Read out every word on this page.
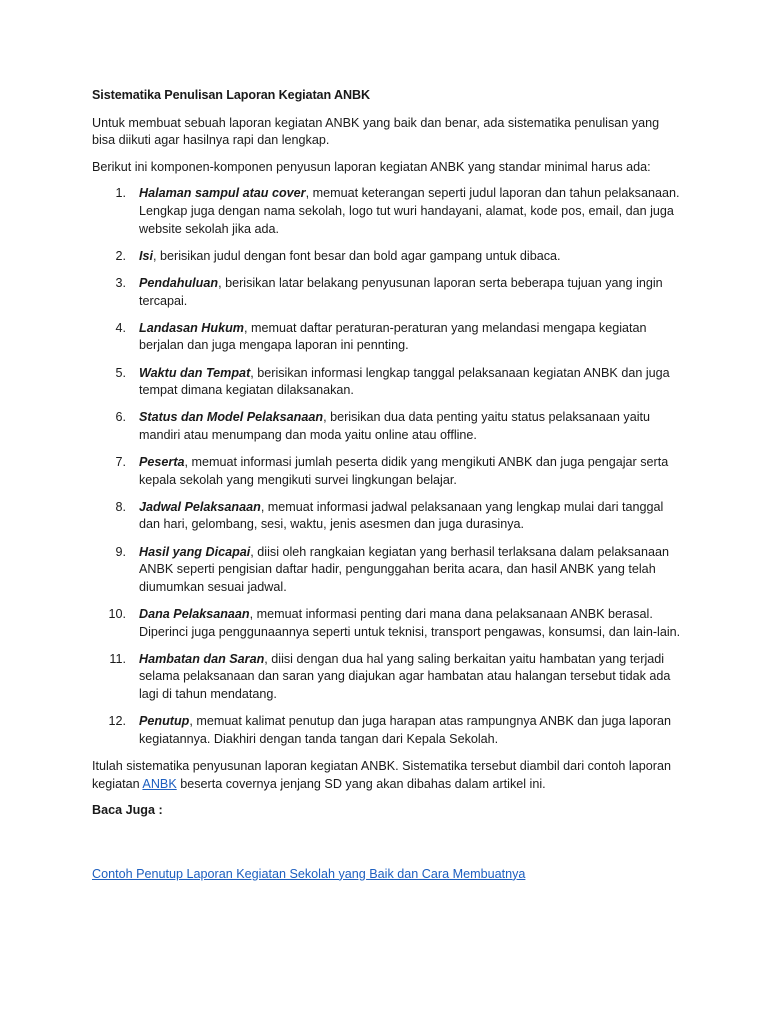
Sistematika Penulisan Laporan Kegiatan ANBK

Untuk membuat sebuah laporan kegiatan ANBK yang baik dan benar, ada sistematika penulisan yang bisa diikuti agar hasilnya rapi dan lengkap.

Berikut ini komponen-komponen penyusun laporan kegiatan ANBK yang standar minimal harus ada:

1. Halaman sampul atau cover, memuat keterangan seperti judul laporan dan tahun pelaksanaan. Lengkap juga dengan nama sekolah, logo tut wuri handayani, alamat, kode pos, email, dan juga website sekolah jika ada.
2. Isi, berisikan judul dengan font besar dan bold agar gampang untuk dibaca.
3. Pendahuluan, berisikan latar belakang penyusunan laporan serta beberapa tujuan yang ingin tercapai.
4. Landasan Hukum, memuat daftar peraturan-peraturan yang melandasi mengapa kegiatan berjalan dan juga mengapa laporan ini pennting.
5. Waktu dan Tempat, berisikan informasi lengkap tanggal pelaksanaan kegiatan ANBK dan juga tempat dimana kegiatan dilaksanakan.
6. Status dan Model Pelaksanaan, berisikan dua data penting yaitu status pelaksanaan yaitu mandiri atau menumpang dan moda yaitu online atau offline.
7. Peserta, memuat informasi jumlah peserta didik yang mengikuti ANBK dan juga pengajar serta kepala sekolah yang mengikuti survei lingkungan belajar.
8. Jadwal Pelaksanaan, memuat informasi jadwal pelaksanaan yang lengkap mulai dari tanggal dan hari, gelombang, sesi, waktu, jenis asesmen dan juga durasinya.
9. Hasil yang Dicapai, diisi oleh rangkaian kegiatan yang berhasil terlaksana dalam pelaksanaan ANBK seperti pengisian daftar hadir, pengunggahan berita acara, dan hasil ANBK yang telah diumumkan sesuai jadwal.
10. Dana Pelaksanaan, memuat informasi penting dari mana dana pelaksanaan ANBK berasal. Diperinci juga penggunaannya seperti untuk teknisi, transport pengawas, konsumsi, dan lain-lain.
11. Hambatan dan Saran, diisi dengan dua hal yang saling berkaitan yaitu hambatan yang terjadi selama pelaksanaan dan saran yang diajukan agar hambatan atau halangan tersebut tidak ada lagi di tahun mendatang.
12. Penutup, memuat kalimat penutup dan juga harapan atas rampungnya ANBK dan juga laporan kegiatannya. Diakhiri dengan tanda tangan dari Kepala Sekolah.

Itulah sistematika penyusunan laporan kegiatan ANBK. Sistematika tersebut diambil dari contoh laporan kegiatan ANBK beserta covernya jenjang SD yang akan dibahas dalam artikel ini.

Baca Juga :

Contoh Penutup Laporan Kegiatan Sekolah yang Baik dan Cara Membuatnya
